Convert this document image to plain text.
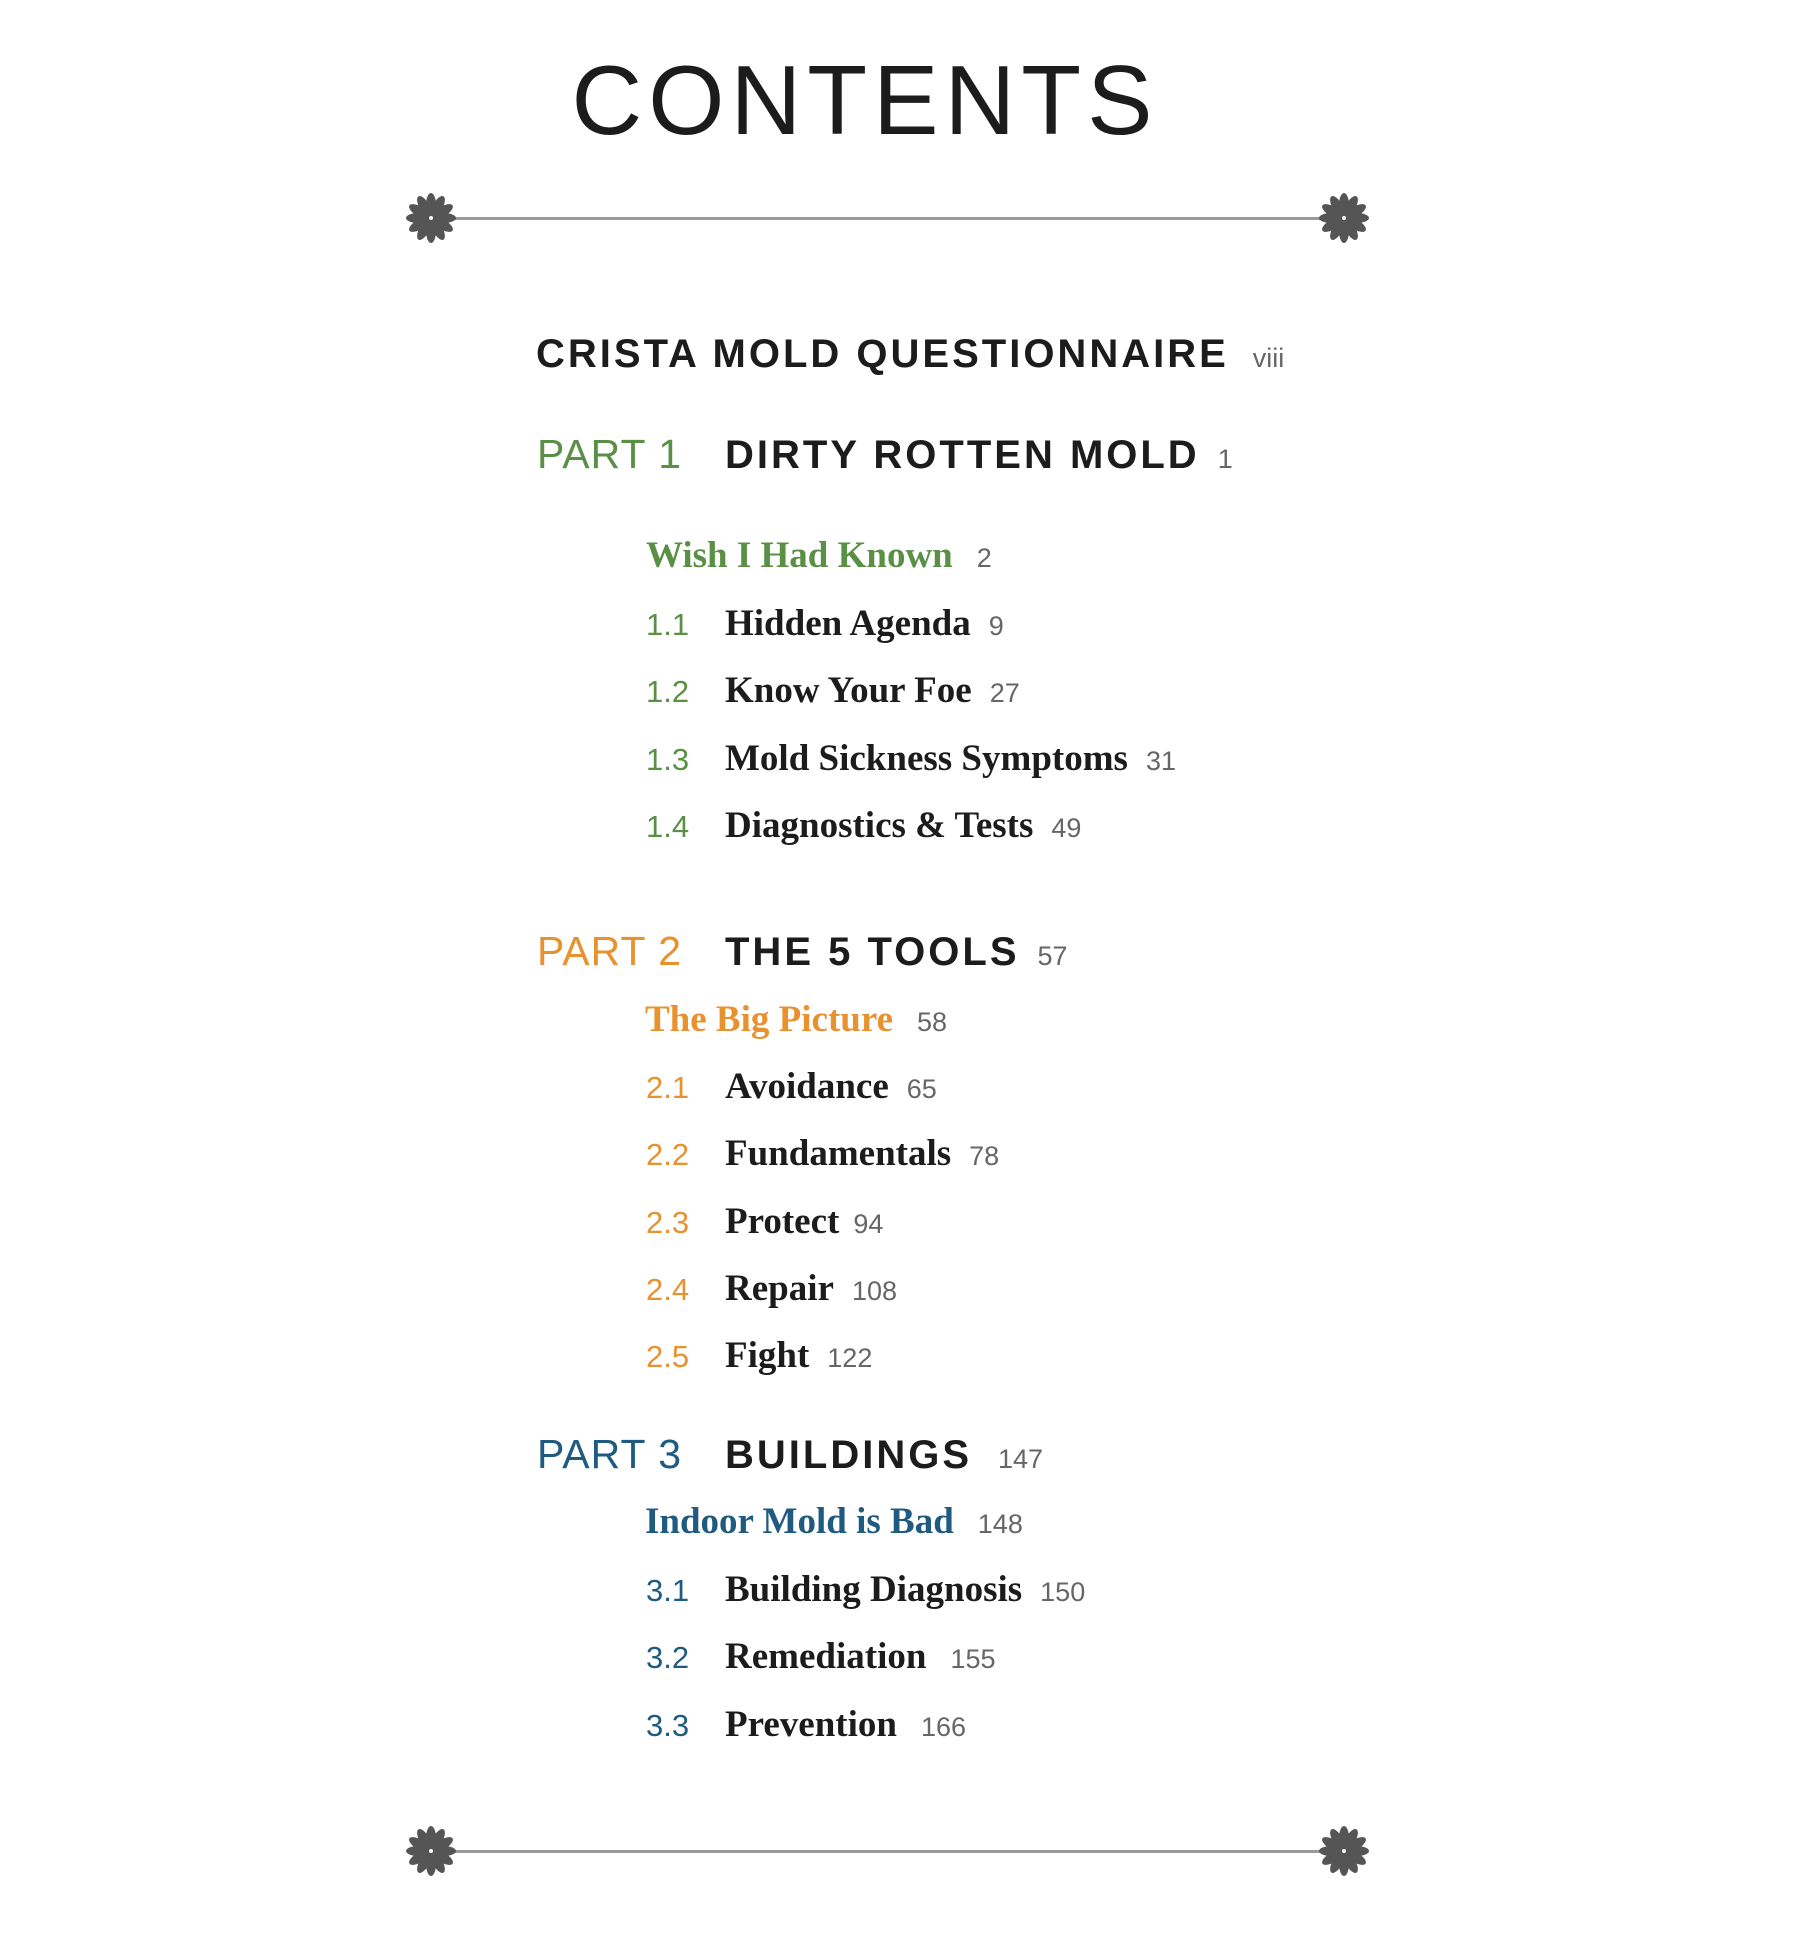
CONTENTS
CRISTA MOLD QUESTIONNAIRE viii
PART 1	DIRTY ROTTEN MOLD 1
Wish I Had Known 2
1.1 Hidden Agenda 9
1.2 Know Your Foe 27
1.3 Mold Sickness Symptoms 31
1.4 Diagnostics & Tests 49
PART 2	THE 5 TOOLS 57
The Big Picture 58
2.1 Avoidance 65
2.2 Fundamentals 78
2.3 Protect 94
2.4 Repair 108
2.5 Fight 122
PART 3	BUILDINGS 147
Indoor Mold is Bad 148
3.1 Building Diagnosis 150
3.2 Remediation 155
3.3 Prevention 166
